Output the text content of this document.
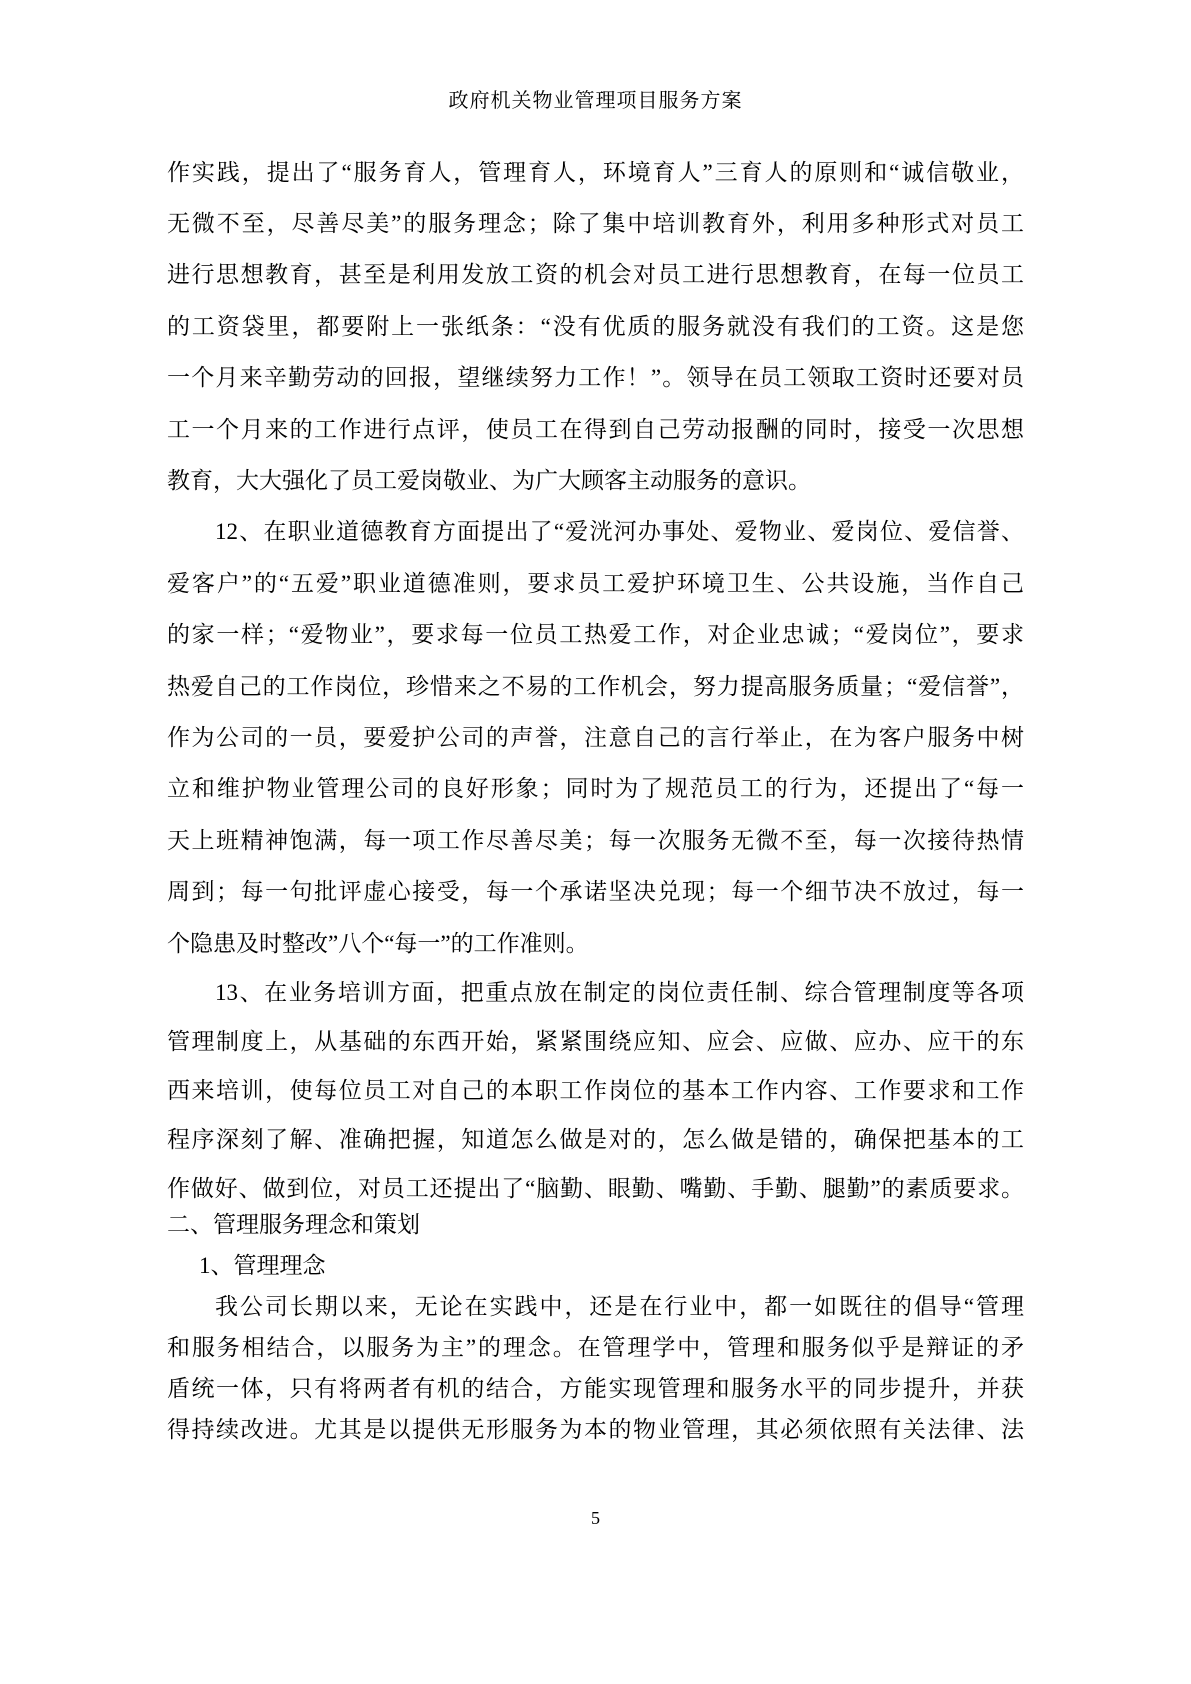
政府机关物业管理项目服务方案
作实践，提出了“服务育人，管理育人，环境育人”三育人的原则和“诚信敬业，
无微不至，尽善尽美”的服务理念；除了集中培训教育外，利用多种形式对员工
进行思想教育，甚至是利用发放工资的机会对员工进行思想教育，在每一位员工
的工资袋里，都要附上一张纸条：“没有优质的服务就没有我们的工资。这是您
一个月来辛勤劳动的回报，望继续努力工作！”。领导在员工领取工资时还要对员
工一个月来的工作进行点评，使员工在得到自己劳动报酬的同时，接受一次思想
教育，大大强化了员工爱岗敬业、为广大顾客主动服务的意识。
12、在职业道德教育方面提出了“爱洸河办事处、爱物业、爱岗位、爱信誉、
爱客户”的“五爱”职业道德准则，要求员工爱护环境卫生、公共设施，当作自己
的家一样；“爱物业”，要求每一位员工热爱工作，对企业忠诚；“爱岗位”，要求
热爱自己的工作岗位，珍惜来之不易的工作机会，努力提高服务质量；“爱信誉”，
作为公司的一员，要爱护公司的声誉，注意自己的言行举止，在为客户服务中树
立和维护物业管理公司的良好形象；同时为了规范员工的行为，还提出了“每一
天上班精神饱满，每一项工作尽善尽美；每一次服务无微不至，每一次接待热情
周到；每一句批评虚心接受，每一个承诺坚决兑现；每一个细节决不放过，每一
个隐患及时整改”八个“每一”的工作准则。
13、在业务培训方面，把重点放在制定的岗位责任制、综合管理制度等各项
管理制度上，从基础的东西开始，紧紧围绕应知、应会、应做、应办、应干的东
西来培训，使每位员工对自己的本职工作岗位的基本工作内容、工作要求和工作
程序深刻了解、准确把握，知道怎么做是对的，怎么做是错的，确保把基本的工
作做好、做到位，对员工还提出了“脑勤、眼勤、嘴勤、手勤、腿勤”的素质要求。
二、管理服务理念和策划
1、管理理念
我公司长期以来，无论在实践中，还是在行业中，都一如既往的倡导“管理
和服务相结合，以服务为主”的理念。在管理学中，管理和服务似乎是辩证的矛
盾统一体，只有将两者有机的结合，方能实现管理和服务水平的同步提升，并获
得持续改进。尤其是以提供无形服务为本的物业管理，其必须依照有关法律、法
5
